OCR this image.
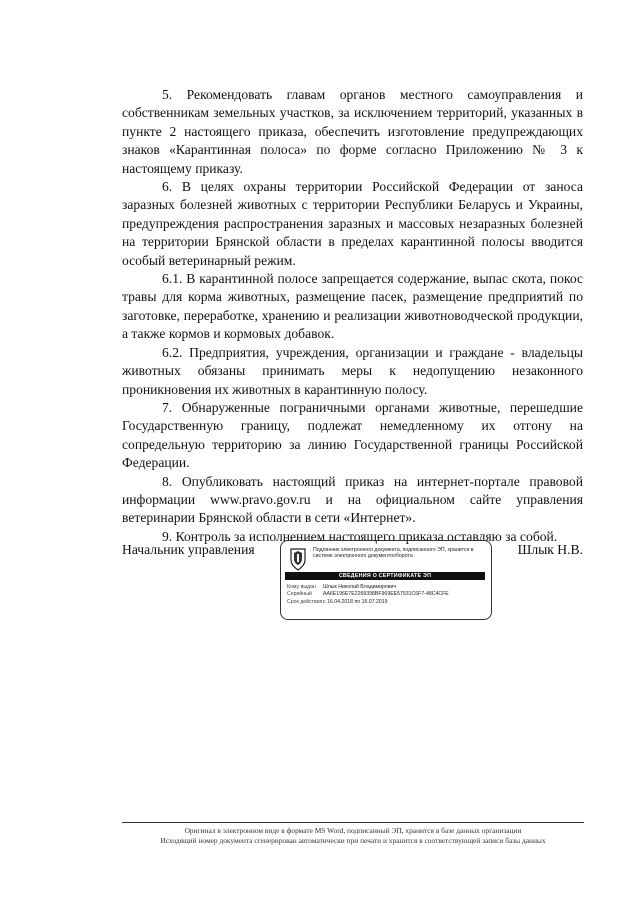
5. Рекомендовать главам органов местного самоуправления и собственникам земельных участков, за исключением территорий, указанных в пункте 2 настоящего приказа, обеспечить изготовление предупреждающих знаков «Карантинная полоса» по форме согласно Приложению № 3 к настоящему приказу.

6. В целях охраны территории Российской Федерации от заноса заразных болезней животных с территории Республики Беларусь и Украины, предупреждения распространения заразных и массовых незаразных болезней на территории Брянской области в пределах карантинной полосы вводится особый ветеринарный режим.

6.1. В карантинной полосе запрещается содержание, выпас скота, покос травы для корма животных, размещение пасек, размещение предприятий по заготовке, переработке, хранению и реализации животноводческой продукции, а также кормов и кормовых добавок.

6.2. Предприятия, учреждения, организации и граждане - владельцы животных обязаны принимать меры к недопущению незаконного проникновения их животных в карантинную полосу.

7. Обнаруженные пограничными органами животные, перешедшие Государственную границу, подлежат немедленному их отгону на сопредельную территорию за линию Государственной границы Российской Федерации.

8. Опубликовать настоящий приказ на интернет-портале правовой информации www.pravo.gov.ru и на официальном сайте управления ветеринарии Брянской области в сети «Интернет».

9. Контроль за исполнением настоящего приказа оставляю за собой.

Начальник управления	Шлык Н.В.
Подлинник электронного документа, подписанного ЭП, хранится в системе электронного документооборота
СВЕДЕНИЯ О СЕРТИФИКАТЕ ЭП
Кому выдан	Шлык Николай Владимирович
Серийный	AA6E196E7E2269398BF969EE57531C6F7-48C4CFE
Срок действия с 16.04.2018 по 16.07.2019
Оригинал в электронном виде в формате MS Word, подписанный ЭП, хранится в базе данных организации
Исходящий номер документа сгенерирован автоматически при печати и хранится в соответствующей записи базы данных
